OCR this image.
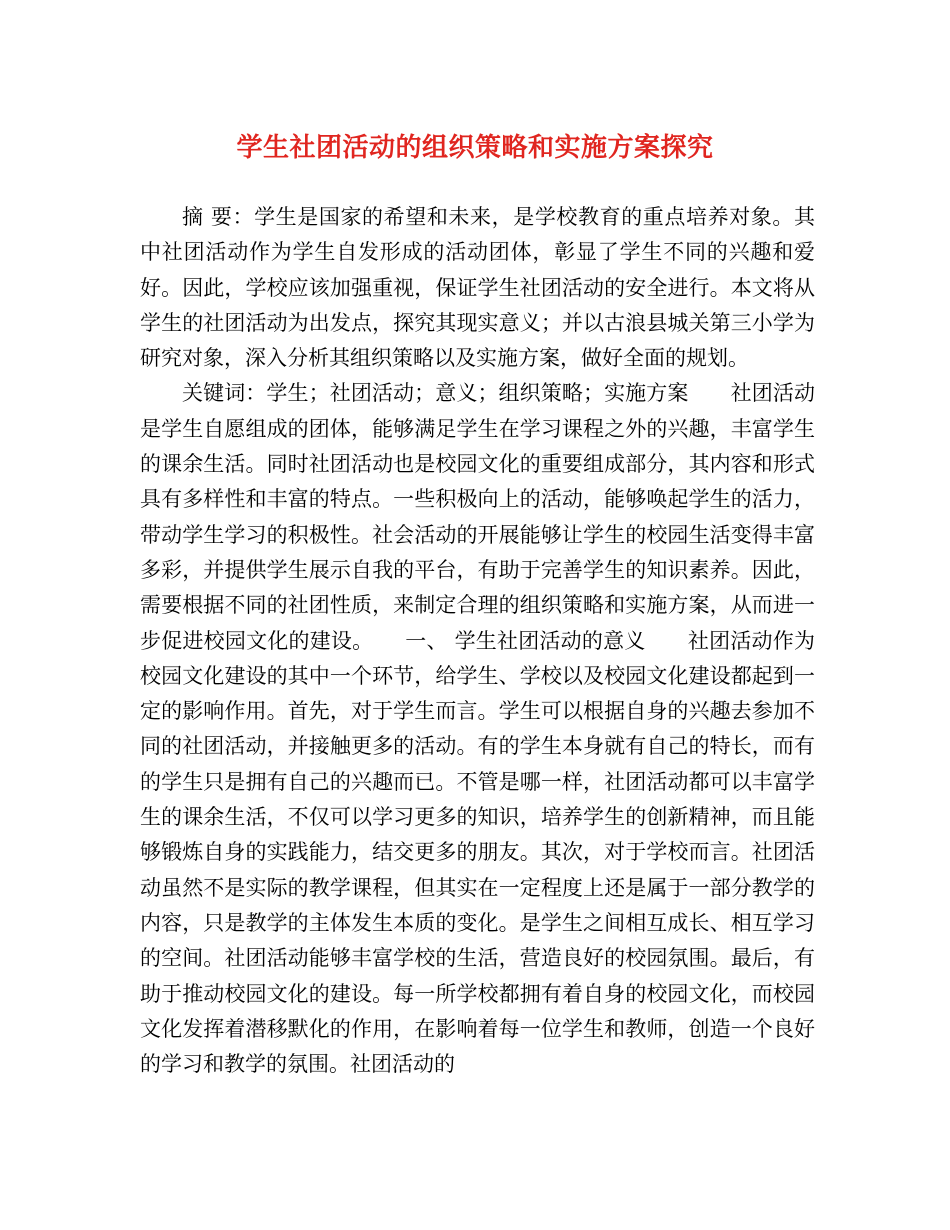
学生社团活动的组织策略和实施方案探究

摘 要：学生是国家的希望和未来，是学校教育的重点培养对象。其中社团活动作为学生自发形成的活动团体，彰显了学生不同的兴趣和爱好。因此，学校应该加强重视，保证学生社团活动的安全进行。本文将从学生的社团活动为出发点，探究其现实意义；并以古浪县城关第三小学为研究对象，深入分析其组织策略以及实施方案，做好全面的规划。

关键词：学生；社团活动；意义；组织策略；实施方案　　社团活动是学生自愿组成的团体，能够满足学生在学习课程之外的兴趣，丰富学生的课余生活。同时社团活动也是校园文化的重要组成部分，其内容和形式具有多样性和丰富的特点。一些积极向上的活动，能够唤起学生的活力，带动学生学习的积极性。社会活动的开展能够让学生的校园生活变得丰富多彩，并提供学生展示自我的平台，有助于完善学生的知识素养。因此，需要根据不同的社团性质，来制定合理的组织策略和实施方案，从而进一步促进校园文化的建设。　　一、 学生社团活动的意义　　社团活动作为校园文化建设的其中一个环节，给学生、学校以及校园文化建设都起到一定的影响作用。首先，对于学生而言。学生可以根据自身的兴趣去参加不同的社团活动，并接触更多的活动。有的学生本身就有自己的特长，而有的学生只是拥有自己的兴趣而已。不管是哪一样，社团活动都可以丰富学生的课余生活，不仅可以学习更多的知识，培养学生的创新精神，而且能够锻炼自身的实践能力，结交更多的朋友。其次，对于学校而言。社团活动虽然不是实际的教学课程，但其实在一定程度上还是属于一部分教学的内容，只是教学的主体发生本质的变化。是学生之间相互成长、相互学习的空间。社团活动能够丰富学校的生活，营造良好的校园氛围。最后，有助于推动校园文化的建设。每一所学校都拥有着自身的校园文化，而校园文化发挥着潜移默化的作用，在影响着每一位学生和教师，创造一个良好的学习和教学的氛围。社团活动的
